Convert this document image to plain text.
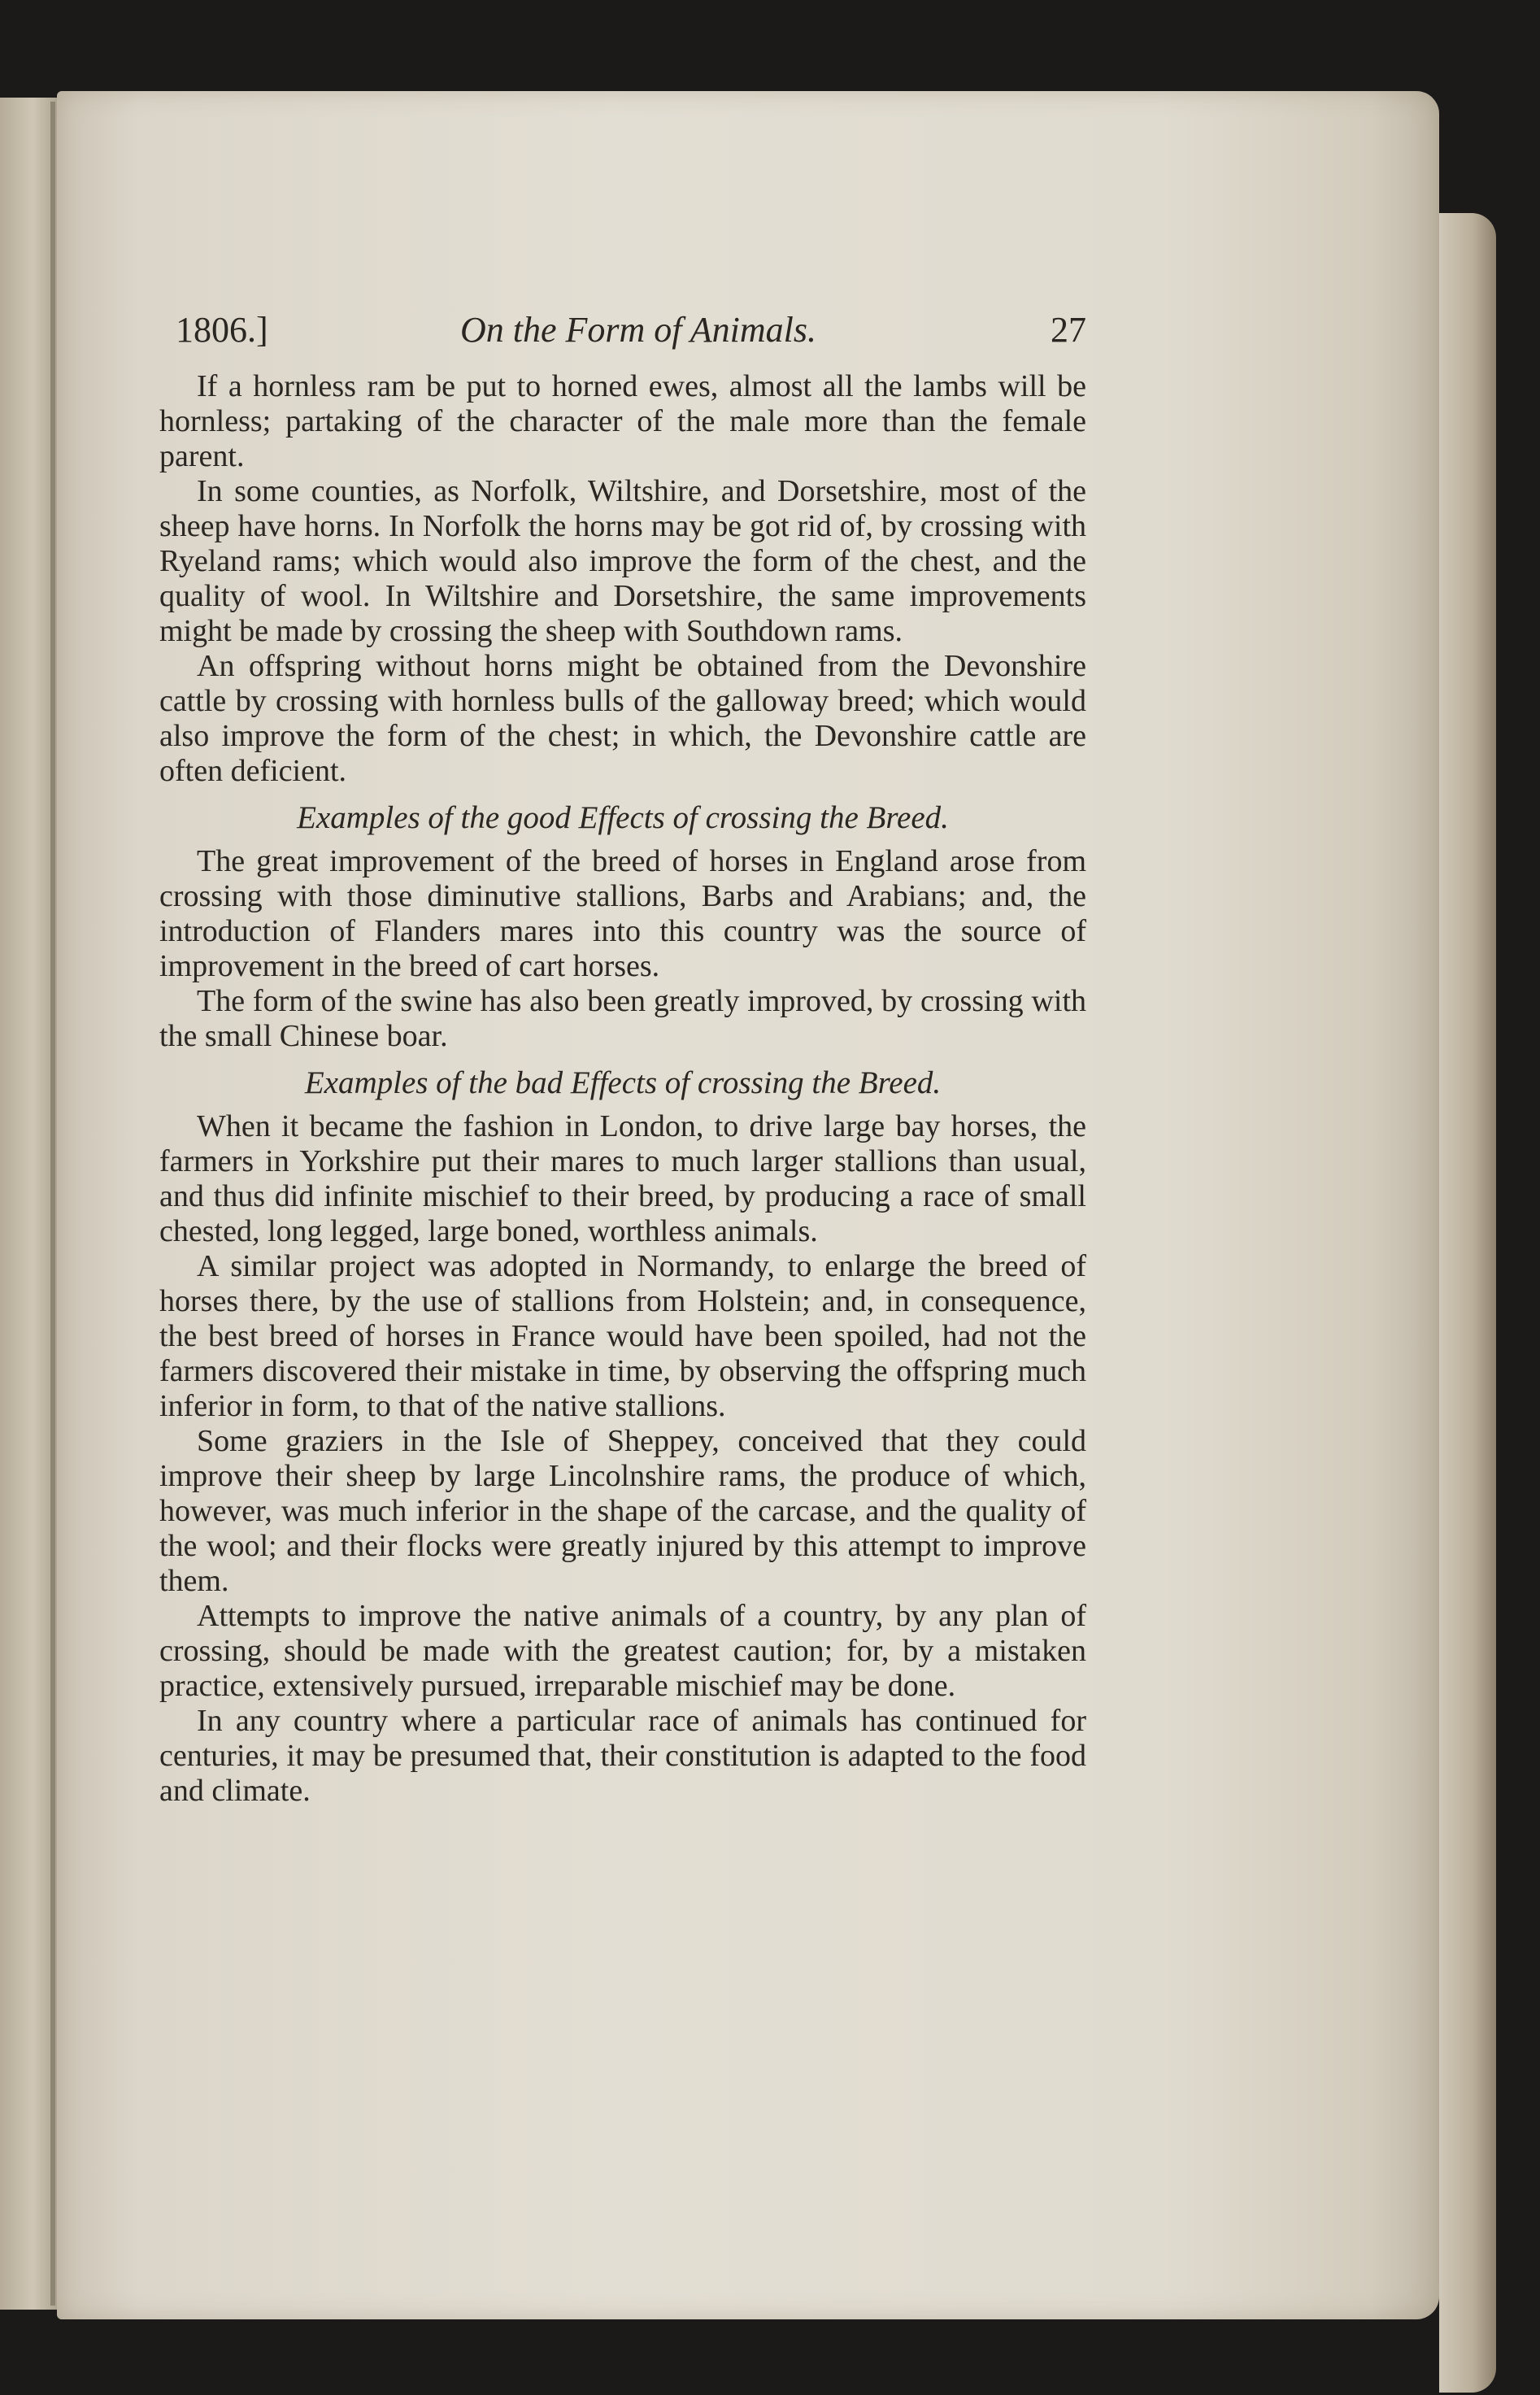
1806.]	On the Form of Animals.	27

If a hornless ram be put to horned ewes, almost all the lambs will be hornless; partaking of the character of the male more than the female parent.

In some counties, as Norfolk, Wiltshire, and Dorsetshire, most of the sheep have horns. In Norfolk the horns may be got rid of, by crossing with Ryeland rams; which would also improve the form of the chest, and the quality of wool. In Wiltshire and Dorsetshire, the same improvements might be made by crossing the sheep with Southdown rams.

An offspring without horns might be obtained from the Devonshire cattle by crossing with hornless bulls of the galloway breed; which would also improve the form of the chest; in which, the Devonshire cattle are often deficient.

Examples of the good Effects of crossing the Breed.

The great improvement of the breed of horses in England arose from crossing with those diminutive stallions, Barbs and Arabians; and, the introduction of Flanders mares into this country was the source of improvement in the breed of cart horses.

The form of the swine has also been greatly improved, by crossing with the small Chinese boar.

Examples of the bad Effects of crossing the Breed.

When it became the fashion in London, to drive large bay horses, the farmers in Yorkshire put their mares to much larger stallions than usual, and thus did infinite mischief to their breed, by producing a race of small chested, long legged, large boned, worthless animals.

A similar project was adopted in Normandy, to enlarge the breed of horses there, by the use of stallions from Holstein; and, in consequence, the best breed of horses in France would have been spoiled, had not the farmers discovered their mistake in time, by observing the offspring much inferior in form, to that of the native stallions.

Some graziers in the Isle of Sheppey, conceived that they could improve their sheep by large Lincolnshire rams, the produce of which, however, was much inferior in the shape of the carcase, and the quality of the wool; and their flocks were greatly injured by this attempt to improve them.

Attempts to improve the native animals of a country, by any plan of crossing, should be made with the greatest caution; for, by a mistaken practice, extensively pursued, irreparable mischief may be done.

In any country where a particular race of animals has continued for centuries, it may be presumed that, their constitution is adapted to the food and climate.
